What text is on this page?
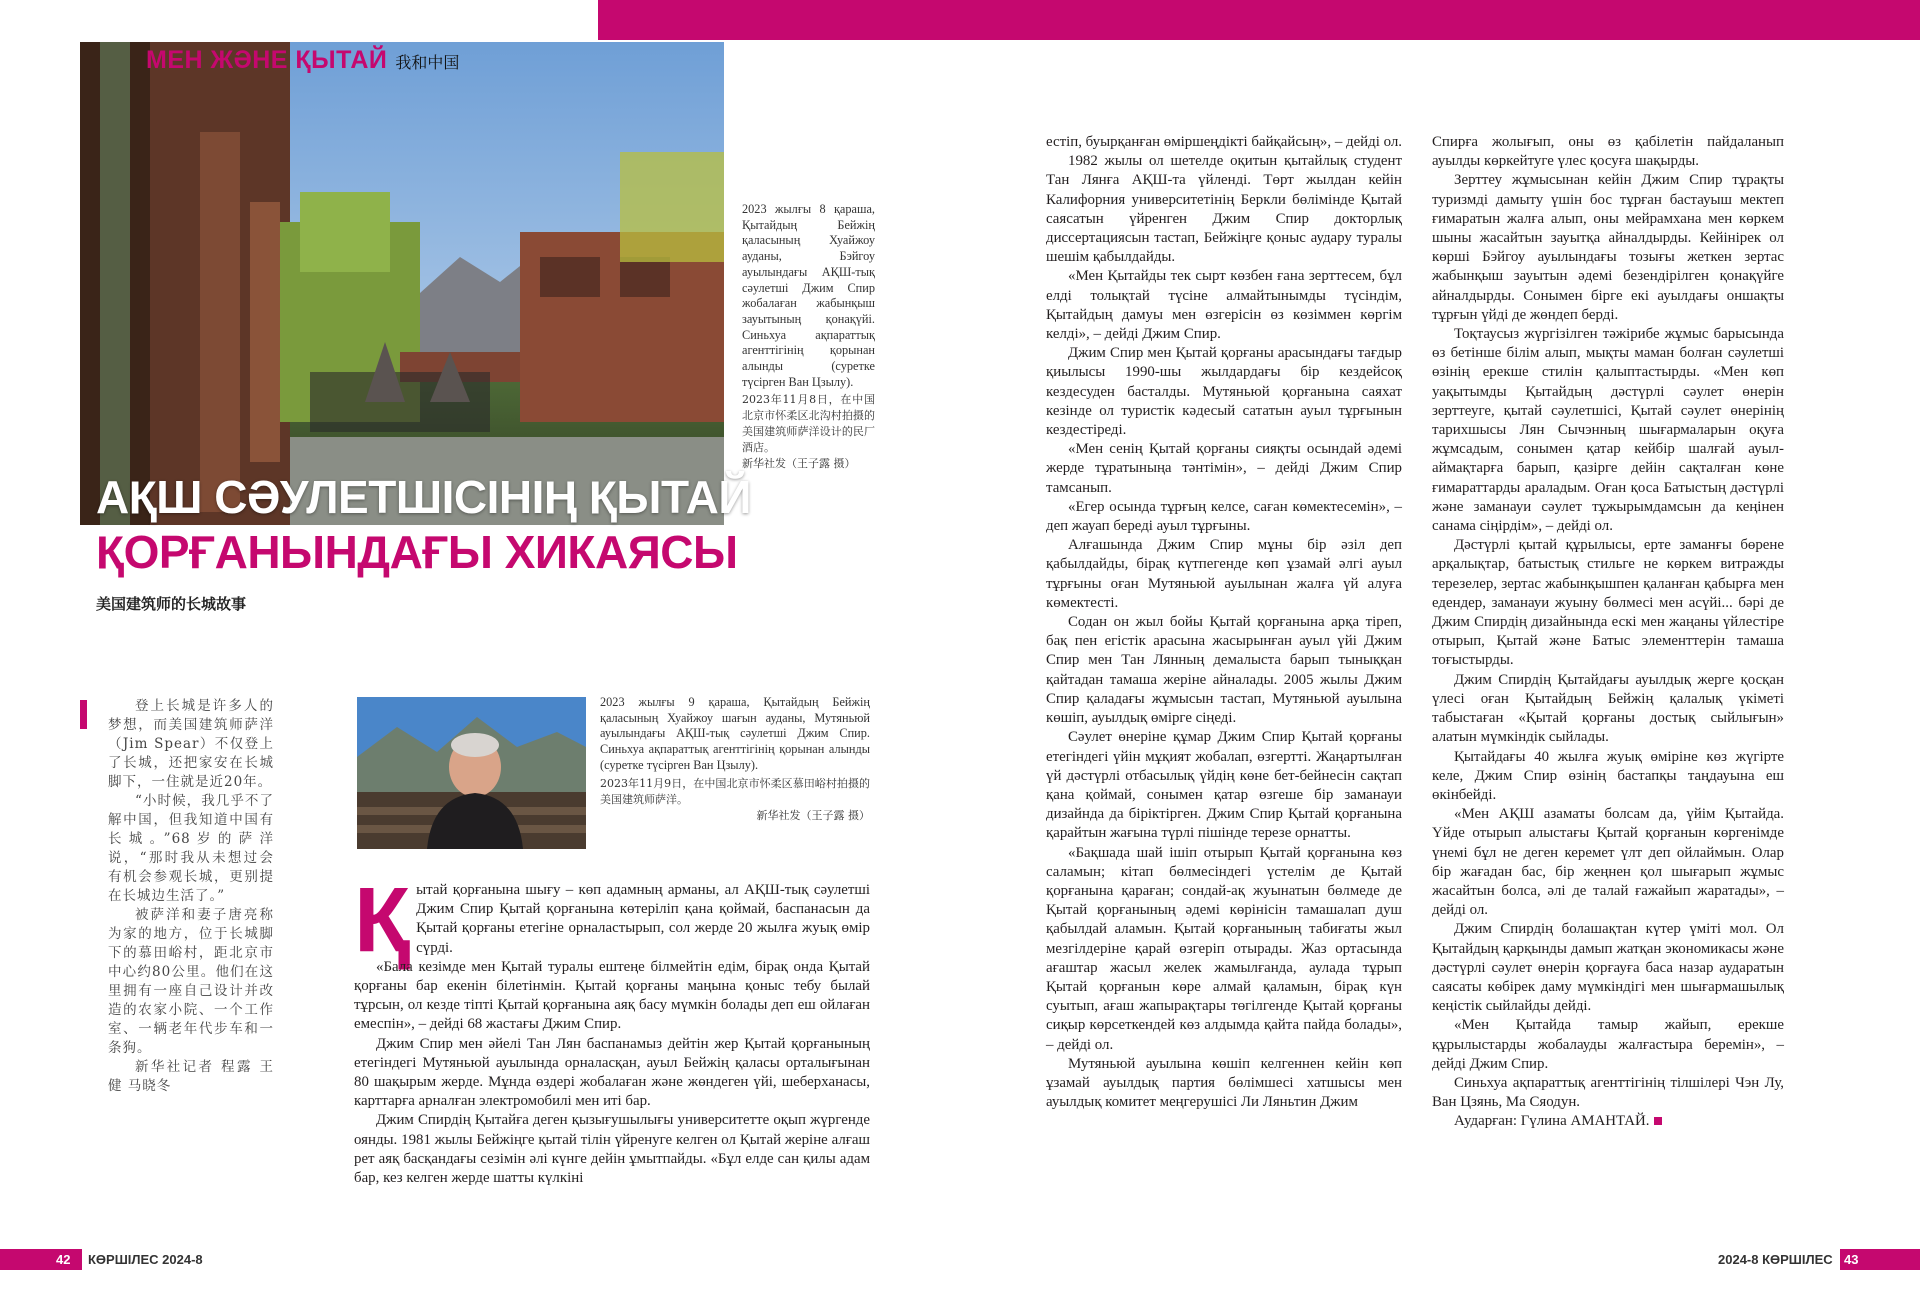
МЕН ЖӘНЕ ҚЫТАЙ 我和中国
АҚШ СӘУЛЕТШІСІНІҢ ҚЫТАЙ
ҚОРҒАНЫНДАҒЫ ХИКАЯСЫ
美国建筑师的长城故事

2023 жылғы 8 қараша, Қытайдың Бейжің қаласының Хуайжоу ауданы, Бэйгоу ауылындағы АҚШ-тық сәулетші Джим Спир жобалаған жабынқыш зауытының қонақүйі. Синьхуа ақпараттық агенттігінің қорынан алынды (суретке түсірген Ван Цзылу).

2023年11月8日，在中国北京市怀柔区北沟村拍摄的美国建筑师萨洋设计的民厂酒店。

新华社发（王子露 摄）

2023 жылғы 9 қараша, Қытайдың Бейжің қаласының Хуайжоу шағын ауданы, Мутяньюй ауылындағы АҚШ-тық сәулетші Джим Спир. Синьхуа ақпараттық агенттігінің қорынан алынды (суретке түсірген Ван Цзылу).

2023年11月9日，在中国北京市怀柔区慕田峪村拍摄的美国建筑师萨洋。

新华社发（王子露 摄）

登上长城是许多人的梦想，而美国建筑师萨洋（Jim Spear）不仅登上了长城，还把家安在长城脚下，一住就是近20年。

“小时候，我几乎不了解中国，但我知道中国有长城。”68岁的萨洋说，“那时我从未想过会有机会参观长城，更别提在长城边生活了。”

被萨洋和妻子唐亮称为家的地方，位于长城脚下的慕田峪村，距北京市中心约80公里。他们在这里拥有一座自己设计并改造的农家小院、一个工作室、一辆老年代步车和一条狗。

新华社记者 程露 王健 马晓冬

Қ ытай қорғанына шығу – көп адамның арманы, ал АҚШ-тық сәулетші Джим Спир Қытай қорғанына көтеріліп қана қоймай, баспанасын да Қытай қорғаны етегіне орналастырып, сол жерде 20 жылға жуық өмір сүрді.

«Бала кезімде мен Қытай туралы ештеңе білмейтін едім, бірақ онда Қытай қорғаны бар екенін білетінмін. Қытай қорғаны маңына қоныс тебу былай тұрсын, ол кезде тіпті Қытай қорғанына аяқ басу мүмкін болады деп еш ойлаған емеспін», – дейді 68 жастағы Джим Спир.

Джим Спир мен әйелі Тан Лян баспанамыз дейтін жер Қытай қорғанының етегіндегі Мутяньюй ауылында орналасқан, ауыл Бейжің қаласы орталығынан 80 шақырым жерде. Мұнда өздері жобалаған және жөндеген үйі, шеберханасы, карттарға арналған электромобилі мен иті бар.

Джим Спирдің Қытайға деген қызығушылығы университетте оқып жүргенде оянды. 1981 жылы Бейжіңге қытай тілін үйренуге келген ол Қытай жеріне алғаш рет аяқ басқандағы сезімін әлі күнге дейін ұмытпайды. «Бұл елде сан қилы адам бар, кез келген жерде шатты күлкіні

естіп, буырқанған өміршеңдікті байқайсың», – дейді ол.

1982 жылы ол шетелде оқитын қытайлық студент Тан Лянға АҚШ-та үйленді. Төрт жылдан кейін Калифорния университетінің Беркли бөлімінде Қытай саясатын үйренген Джим Спир докторлық диссертациясын тастап, Бейжіңге қоныс аудару туралы шешім қабылдайды.

«Мен Қытайды тек сырт көзбен ғана зерттесем, бұл елді толықтай түсіне алмайтынымды түсіндім, Қытайдың дамуы мен өзгерісін өз көзіммен көргім келді», – дейді Джим Спир.

Джим Спир мен Қытай қорғаны арасындағы тағдыр қиылысы 1990-шы жылдардағы бір кездейсоқ кездесуден басталды. Мутяньюй қорғанына саяхат кезінде ол туристік кәдесый сататын ауыл тұрғынын кездестіреді.

«Мен сенің Қытай қорғаны сияқты осындай әдемі жерде тұратыныңа тәнтімін», – дейді Джим Спир тамсанып.

«Егер осында тұрғың келсе, саған көмектесемін», – деп жауап береді ауыл тұрғыны.

Алғашында Джим Спир мұны бір әзіл деп қабылдайды, бірақ күтпегенде көп ұзамай әлгі ауыл тұрғыны оған Мутяньюй ауылынан жалға үй алуға көмектесті.

Содан он жыл бойы Қытай қорғанына арқа тіреп, бақ пен егістік арасына жасырынған ауыл үйі Джим Спир мен Тан Лянның демалыста барып тыныққан қайтадан тамаша жеріне айналады. 2005 жылы Джим Спир қаладағы жұмысын тастап, Мутяньюй ауылына көшіп, ауылдық өмірге сіңеді.

Сәулет өнеріне құмар Джим Спир Қытай қорғаны етегіндегі үйін мұқият жобалап, өзгертті. Жаңартылған үй дәстүрлі отбасылық үйдің көне бет-бейнесін сақтап қана қоймай, сонымен қатар өзгеше бір заманауи дизайнда да біріктірген. Джим Спир Қытай қорғанына қарайтын жағына түрлі пішінде терезе орнатты.

«Бақшада шай ішіп отырып Қытай қорғанына көз саламын; кітап бөлмесіндегі үстелім де Қытай қорғанына қараған; сондай-ақ жуынатын бөлмеде де Қытай қорғанының әдемі көрінісін тамашалап душ қабылдай аламын. Қытай қорғанының табиғаты жыл мезгілдеріне қарай өзгеріп отырады. Жаз ортасында ағаштар жасыл желек жамылғанда, аулада тұрып Қытай қорғанын көре алмай қаламын, бірақ күн суытып, ағаш жапырақтары төгілгенде Қытай қорғаны сиқыр көрсеткендей көз алдымда қайта пайда болады», – дейді ол.

Мутяньюй ауылына көшіп келгеннен кейін көп ұзамай ауылдық партия бөлімшесі хатшысы мен ауылдық комитет меңгерушісі Ли Ляньтин Джим

Спирға жолығып, оны өз қабілетін пайдаланып ауылды көркейтуге үлес қосуға шақырды.

Зерттеу жұмысынан кейін Джим Спир тұрақты туризмді дамыту үшін бос тұрған бастауыш мектеп ғимаратын жалға алып, оны мейрамхана мен көркем шыны жасайтын зауытқа айналдырды. Кейінірек ол көрші Бэйгоу ауылындағы тозығы жеткен зертас жабынқыш зауытын әдемі безендірілген қонақүйге айналдырды. Сонымен бірге екі ауылдағы оншақты тұрғын үйді де жөндеп берді.

Тоқтаусыз жүргізілген тәжірибе жұмыс барысында өз бетінше білім алып, мықты маман болған сәулетші өзінің ерекше стилін қалыптастырды. «Мен көп уақытымды Қытайдың дәстүрлі сәулет өнерін зерттеуге, қытай сәулетшісі, Қытай сәулет өнерінің тарихшысы Лян Сычэнның шығармаларын оқуға жұмсадым, сонымен қатар кейбір шалғай ауыл-аймақтарға барып, қазірге дейін сақталған көне ғимараттарды араладым. Оған қоса Батыстың дәстүрлі және заманауи сәулет тұжырымдамсын да кеңінен санама сіңірдім», – дейді ол.

Дәстүрлі қытай құрылысы, ерте заманғы бөрене арқалықтар, батыстық стильге не көркем витражды терезелер, зертас жабынқышпен қаланған қабырға мен едендер, заманауи жуыну бөлмесі мен асүйі... бәрі де Джим Спирдің дизайнында ескі мен жаңаны үйлестіре отырып, Қытай және Батыс элементтерін тамаша тоғыстырды.

Джим Спирдің Қытайдағы ауылдық жерге қосқан үлесі оған Қытайдың Бейжің қалалық үкіметі табыстаған «Қытай қорғаны достық сыйлығын» алатын мүмкіндік сыйлады.

Қытайдағы 40 жылға жуық өміріне көз жүгірте келе, Джим Спир өзінің бастапқы таңдауына еш өкінбейді.

«Мен АҚШ азаматы болсам да, үйім Қытайда. Үйде отырып алыстағы Қытай қорғанын көргенімде үнемі бұл не деген керемет үлт деп ойлаймын. Олар бір жағадан бас, бір жеңнен қол шығарып жұмыс жасайтын болса, әлі де талай ғажайып жаратады», – дейді ол.

Джим Спирдің болашақтан күтер үміті мол. Ол Қытайдың қарқынды дамып жатқан экономикасы және дәстүрлі сәулет өнерін қорғауға баса назар аударатын саясаты көбірек даму мүмкіндігі мен шығармашылық кеңістік сыйлайды дейді.

«Мен Қытайда тамыр жайып, ерекше құрылыстарды жобалауды жалғастыра беремін», – дейді Джим Спир.

Синьхуа ақпараттық агенттігінің тілшілері Чэн Лу, Ван Цзянь, Ма Сяодун.

Аударған: Гүлина АМАНТАЙ.

42 КӨРШІЛЕС 2024-8	2024-8 КӨРШІЛЕС 43
